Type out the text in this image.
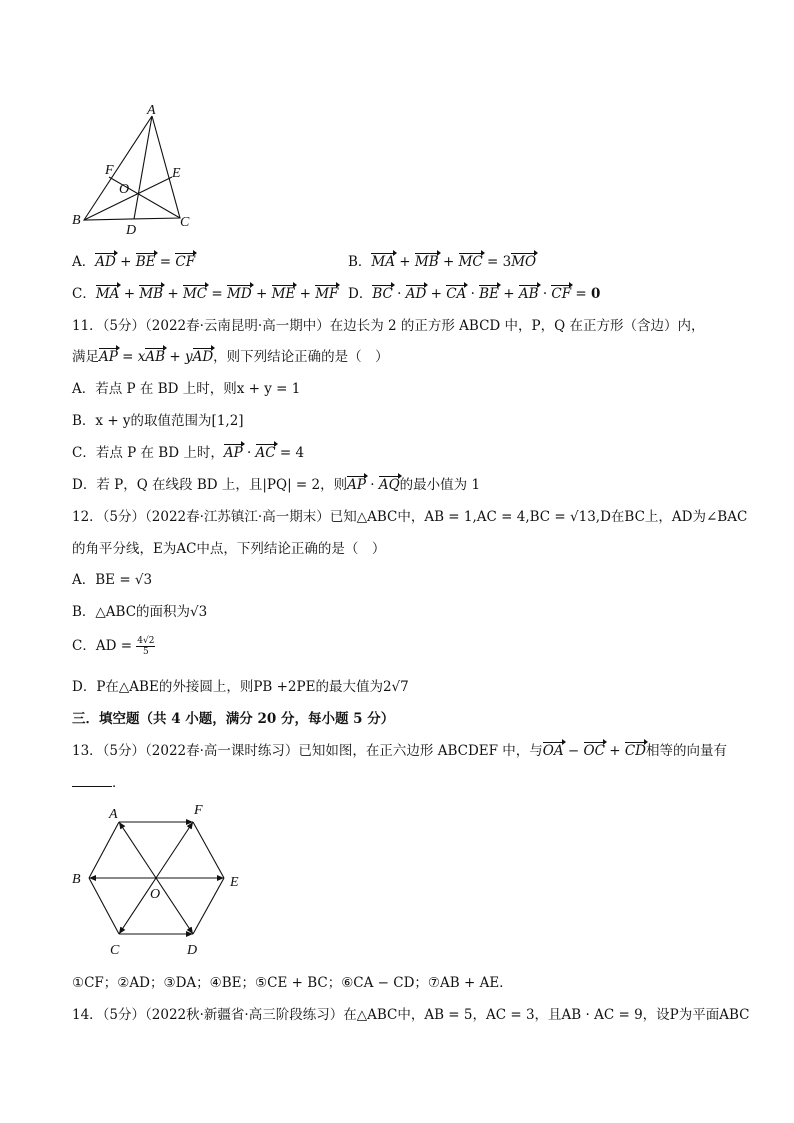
A
B	C
D
E
F
O
A．AD + BE = CF	B．MA + MB + MC = 3MO
C．MA + MB + MC = MD + ME + MF D．BC · AD + CA · BE + AB · CF = 0
11．（5分）（2022春·云南昆明·高一期中）在边长为 2 的正方形 ABCD 中，P，Q 在正方形（含边）内，
满足AP = xAB + yAD，则下列结论正确的是（　）
A．若点 P 在 BD 上时，则x + y = 1
B．x + y的取值范围为[1,2]
C．若点 P 在 BD 上时，AP · AC = 4
D．若 P，Q 在线段 BD 上，且|PQ| = 2，则AP · AQ的最小值为 1
12．（5分）（2022春·江苏镇江·高一期末）已知△ABC中，AB = 1,AC = 4,BC = √13,D在BC上，AD为∠BAC
的角平分线，E为AC中点，下列结论正确的是（　）
A．BE = √3
B．△ABC的面积为√3
C．AD = $\frac{4√2}{5}$
D．P在△ABE的外接圆上，则PB +2PE的最大值为2√7
三．填空题（共 4 小题，满分 20 分，每小题 5 分）
13．（5分）（2022春·高一课时练习）已知如图，在正六边形 ABCDEF 中，与OA − OC + CD相等的向量有
．
A	F
B	E
O
C	D
①CF；②AD；③DA；④BE；⑤CE + BC；⑥CA − CD；⑦AB + AE．
14．（5分）（2022秋·新疆省·高三阶段练习）在△ABC中，AB = 5，AC = 3，且AB · AC = 9，设P为平面ABC
